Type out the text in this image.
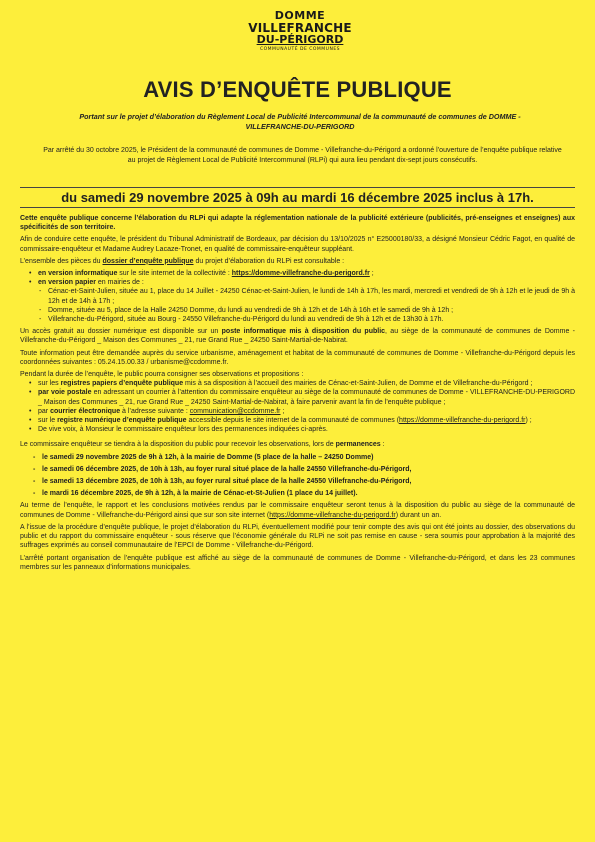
DOMME
VILLEFRANCHE
DU-PÉRIGORD
COMMUNAUTÉ DE COMMUNES
AVIS D’ENQUÊTE PUBLIQUE
Portant sur le projet d’élaboration du Règlement Local de Publicité Intercommunal de la communauté de communes de DOMME - VILLEFRANCHE-DU-PERIGORD
Par arrêté du 30 octobre 2025, le Président de la communauté de communes de Domme - Villefranche-du-Périgord a ordonné l’ouverture de l’enquête publique relative au projet de Règlement Local de Publicité Intercommunal (RLPi) qui aura lieu pendant dix-sept jours consécutifs.
du samedi 29 novembre 2025 à 09h au mardi 16 décembre 2025 inclus à 17h.

Cette enquête publique concerne l’élaboration du RLPi qui adapte la réglementation nationale de la publicité extérieure (publicités, pré-enseignes et enseignes) aux spécificités de son territoire.

Afin de conduire cette enquête, le président du Tribunal Administratif de Bordeaux, par décision du 13/10/2025 n° E25000180/33, a désigné Monsieur Cédric Fagot, en qualité de commissaire-enquêteur et Madame Audrey Lacaze-Tronet, en qualité de commissaire-enquêteur suppléant.

L’ensemble des pièces du dossier d’enquête publique du projet d’élaboration du RLPi est consultable :

• en version informatique sur le site internet de la collectivité : https://domme-villefranche-du-perigord.fr ;
• en version papier en mairies de :
- Cénac-et-Saint-Julien, située au 1, place du 14 Juillet - 24250 Cénac-et-Saint-Julien, le lundi de 14h à 17h, les mardi, mercredi et vendredi de 9h à 12h et le jeudi de 9h à 12h et de 14h à 17h ;
- Domme, située au 5, place de la Halle 24250 Domme, du lundi au vendredi de 9h à 12h et de 14h à 16h et le samedi de 9h à 12h ;
- Villefranche-du-Périgord, située au Bourg - 24550 Villefranche-du-Périgord du lundi au vendredi de 9h à 12h et de 13h30 à 17h.

Un accès gratuit au dossier numérique est disponible sur un poste informatique mis à disposition du public, au siège de la communauté de communes de Domme - Villefranche-du-Périgord _ Maison des Communes _ 21, rue Grand Rue _ 24250 Saint-Martial-de-Nabirat.

Toute information peut être demandée auprès du service urbanisme, aménagement et habitat de la communauté de communes de Domme - Villefranche-du-Périgord depuis les coordonnées suivantes : 05.24.15.00.33 / urbanisme@ccdomme.fr.

Pendant la durée de l’enquête, le public pourra consigner ses observations et propositions :

• sur les registres papiers d’enquête publique mis à sa disposition à l’accueil des mairies de Cénac-et-Saint-Julien, de Domme et de Villefranche-du-Périgord ;
• par voie postale en adressant un courrier à l’attention du commissaire enquêteur au siège de la communauté de communes de Domme - VILLEFRANCHE-DU-PERIGORD _ Maison des Communes _ 21, rue Grand Rue _ 24250 Saint-Martial-de-Nabirat, à faire parvenir avant la fin de l’enquête publique ;
• par courrier électronique à l’adresse suivante : communication@ccdomme.fr ;
• sur le registre numérique d’enquête publique accessible depuis le site internet de la communauté de communes (https://domme-villefranche-du-perigord.fr) ;
• De vive voix, à Monsieur le commissaire enquêteur lors des permanences indiquées ci-après.

Le commissaire enquêteur se tiendra à la disposition du public pour recevoir les observations, lors de permanences :

- le samedi 29 novembre 2025 de 9h à 12h, à la mairie de Domme (5 place de la halle – 24250 Domme)
- le samedi 06 décembre 2025, de 10h à 13h, au foyer rural situé place de la halle 24550 Villefranche-du-Périgord,
- le samedi 13 décembre 2025, de 10h à 13h, au foyer rural situé place de la halle 24550 Villefranche-du-Périgord,
- le mardi 16 décembre 2025, de 9h à 12h, à la mairie de Cénac-et-St-Julien (1 place du 14 juillet).

Au terme de l’enquête, le rapport et les conclusions motivées rendus par le commissaire enquêteur seront tenus à la disposition du public au siège de la communauté de communes de Domme - Villefranche-du-Périgord ainsi que sur son site internet (https://domme-villefranche-du-perigord.fr) durant un an.

A l’issue de la procédure d’enquête publique, le projet d’élaboration du RLPi, éventuellement modifié pour tenir compte des avis qui ont été joints au dossier, des observations du public et du rapport du commissaire enquêteur - sous réserve que l’économie générale du RLPi ne soit pas remise en cause - sera soumis pour approbation à la majorité des suffrages exprimés au conseil communautaire de l’EPCI de Domme - Villefranche-du-Périgord.

L’arrêté portant organisation de l’enquête publique est affiché au siège de la communauté de communes de Domme - Villefranche-du-Périgord, et dans les 23 communes membres sur les panneaux d’informations municipales.
